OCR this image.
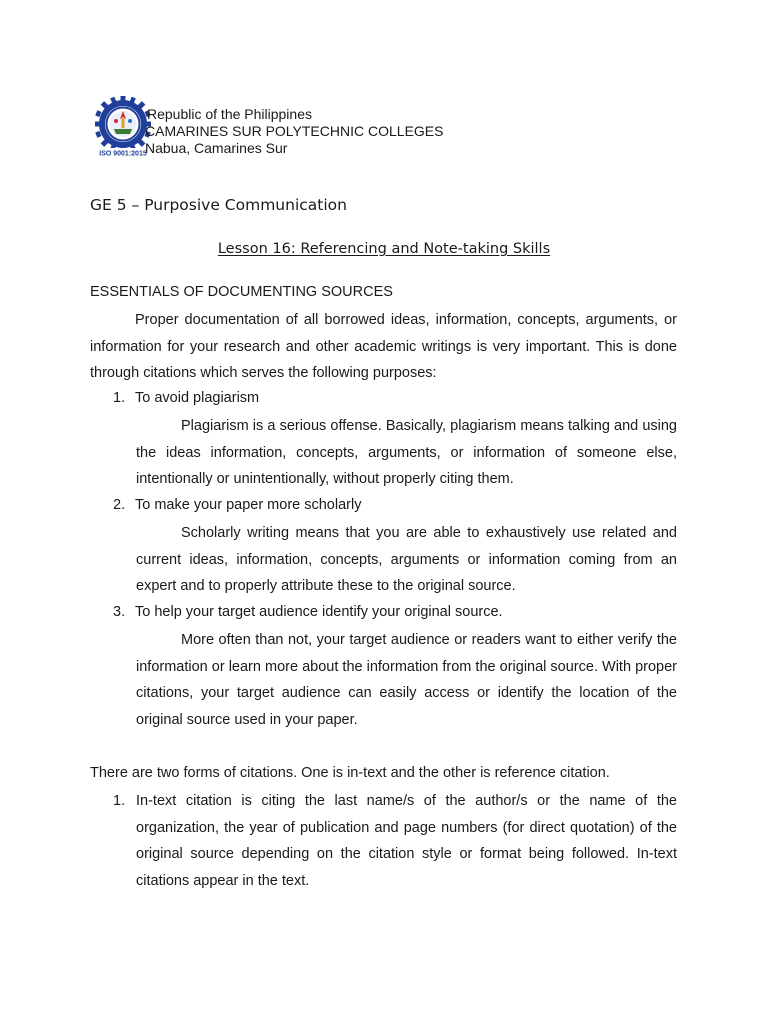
ISO 9001:2015
Republic of the Philippines
CAMARINES SUR POLYTECHNIC COLLEGES
Nabua, Camarines Sur
GE 5 – Purposive Communication
Lesson 16: Referencing and Note-taking Skills
ESSENTIALS OF DOCUMENTING SOURCES

Proper documentation of all borrowed ideas, information, concepts, arguments, or information for your research and other academic writings is very important. This is done through citations which serves the following purposes:

1. To avoid plagiarism

Plagiarism is a serious offense. Basically, plagiarism means talking and using the ideas information, concepts, arguments, or information of someone else, intentionally or unintentionally, without properly citing them.

2. To make your paper more scholarly

Scholarly writing means that you are able to exhaustively use related and current ideas, information, concepts, arguments or information coming from an expert and to properly attribute these to the original source.

3. To help your target audience identify your original source.

More often than not, your target audience or readers want to either verify the information or learn more about the information from the original source. With proper citations, your target audience can easily access or identify the location of the original source used in your paper.

There are two forms of citations. One is in-text and the other is reference citation.
1. In-text citation is citing the last name/s of the author/s or the name of the organization, the year of publication and page numbers (for direct quotation) of the original source depending on the citation style or format being followed. In-text citations appear in the text.
